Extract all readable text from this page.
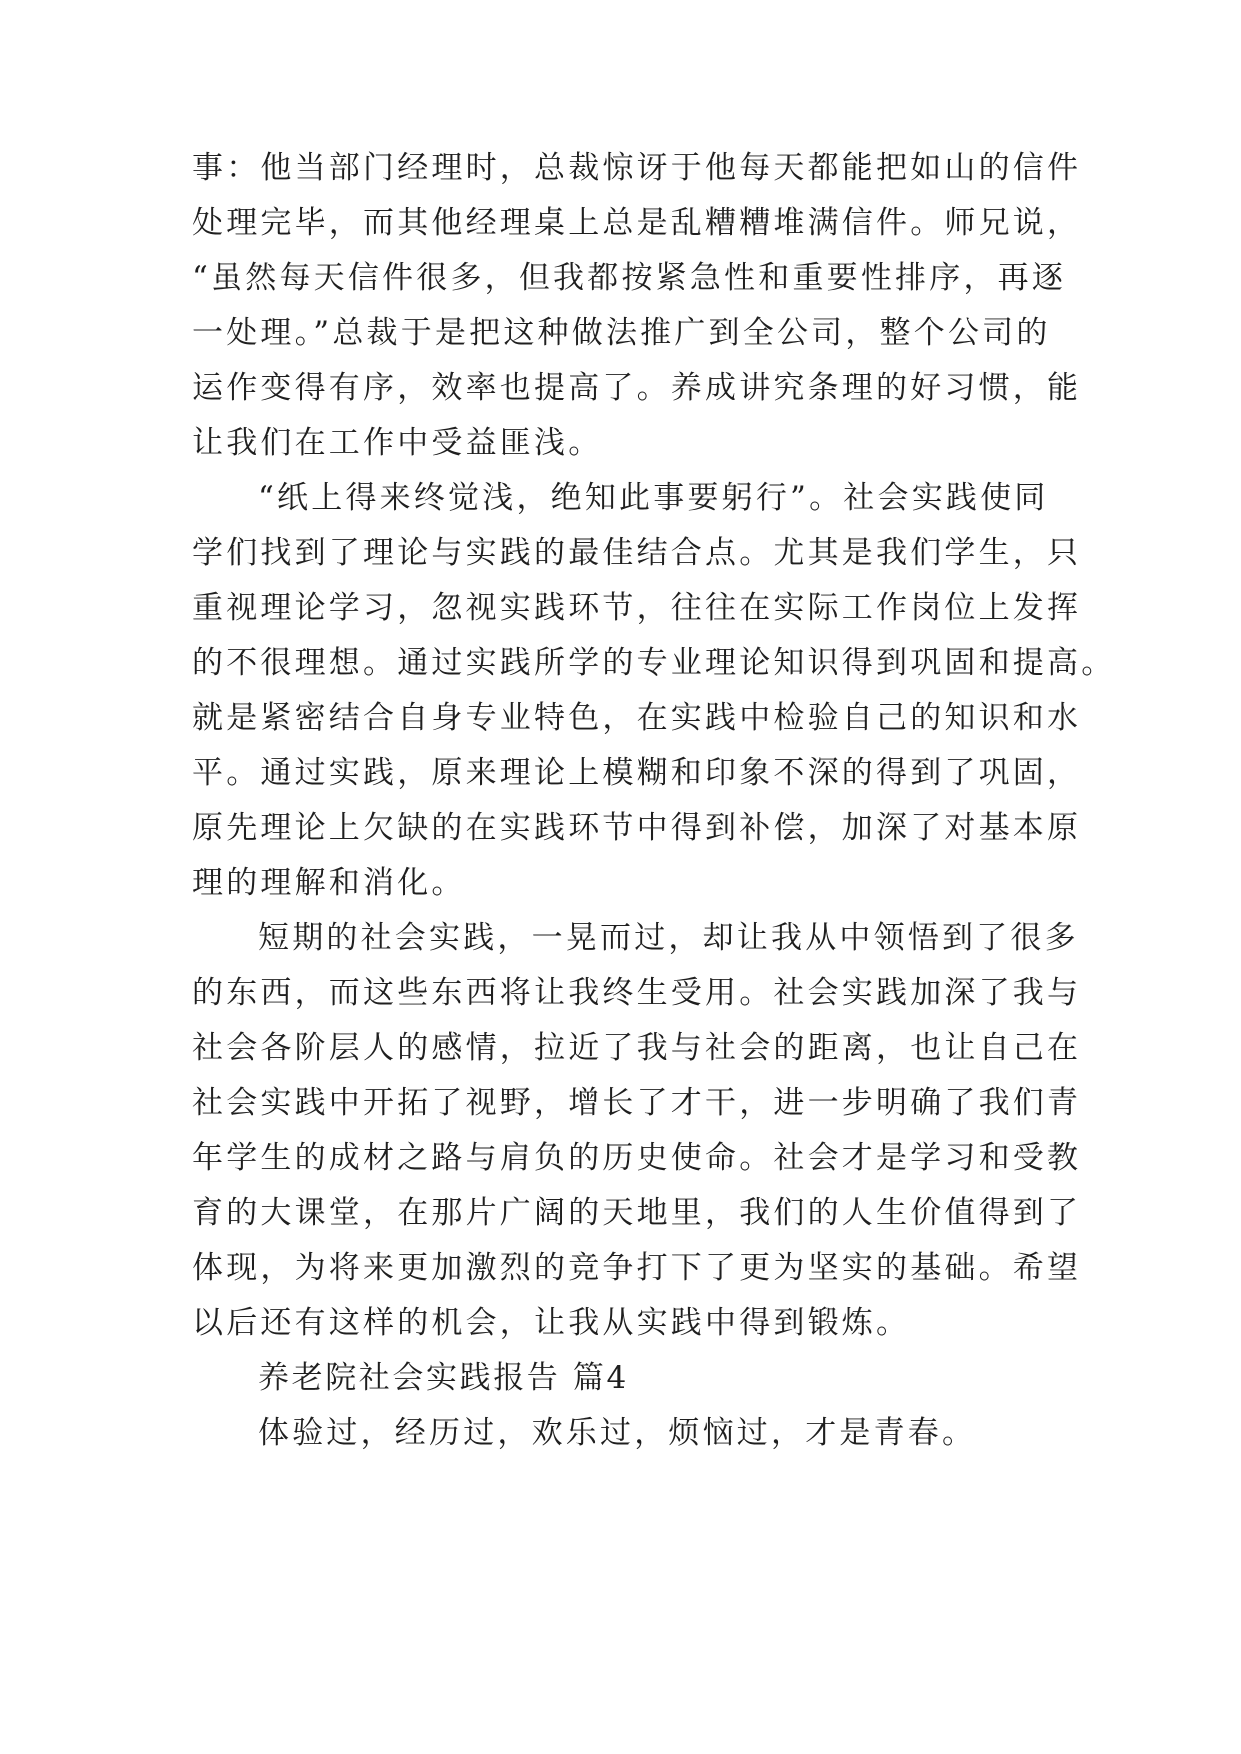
事：他当部门经理时，总裁惊讶于他每天都能把如山的信件
处理完毕，而其他经理桌上总是乱糟糟堆满信件。师兄说，
“虽然每天信件很多，但我都按紧急性和重要性排序，再逐
一处理。”总裁于是把这种做法推广到全公司，整个公司的
运作变得有序，效率也提高了。养成讲究条理的好习惯，能
让我们在工作中受益匪浅。
“纸上得来终觉浅，绝知此事要躬行”。社会实践使同
学们找到了理论与实践的最佳结合点。尤其是我们学生，只
重视理论学习，忽视实践环节，往往在实际工作岗位上发挥
的不很理想。通过实践所学的专业理论知识得到巩固和提高。
就是紧密结合自身专业特色，在实践中检验自己的知识和水
平。通过实践，原来理论上模糊和印象不深的得到了巩固，
原先理论上欠缺的在实践环节中得到补偿，加深了对基本原
理的理解和消化。
短期的社会实践，一晃而过，却让我从中领悟到了很多
的东西，而这些东西将让我终生受用。社会实践加深了我与
社会各阶层人的感情，拉近了我与社会的距离，也让自己在
社会实践中开拓了视野，增长了才干，进一步明确了我们青
年学生的成材之路与肩负的历史使命。社会才是学习和受教
育的大课堂，在那片广阔的天地里，我们的人生价值得到了
体现，为将来更加激烈的竞争打下了更为坚实的基础。希望
以后还有这样的机会，让我从实践中得到锻炼。
养老院社会实践报告 篇4
体验过，经历过，欢乐过，烦恼过，才是青春。
